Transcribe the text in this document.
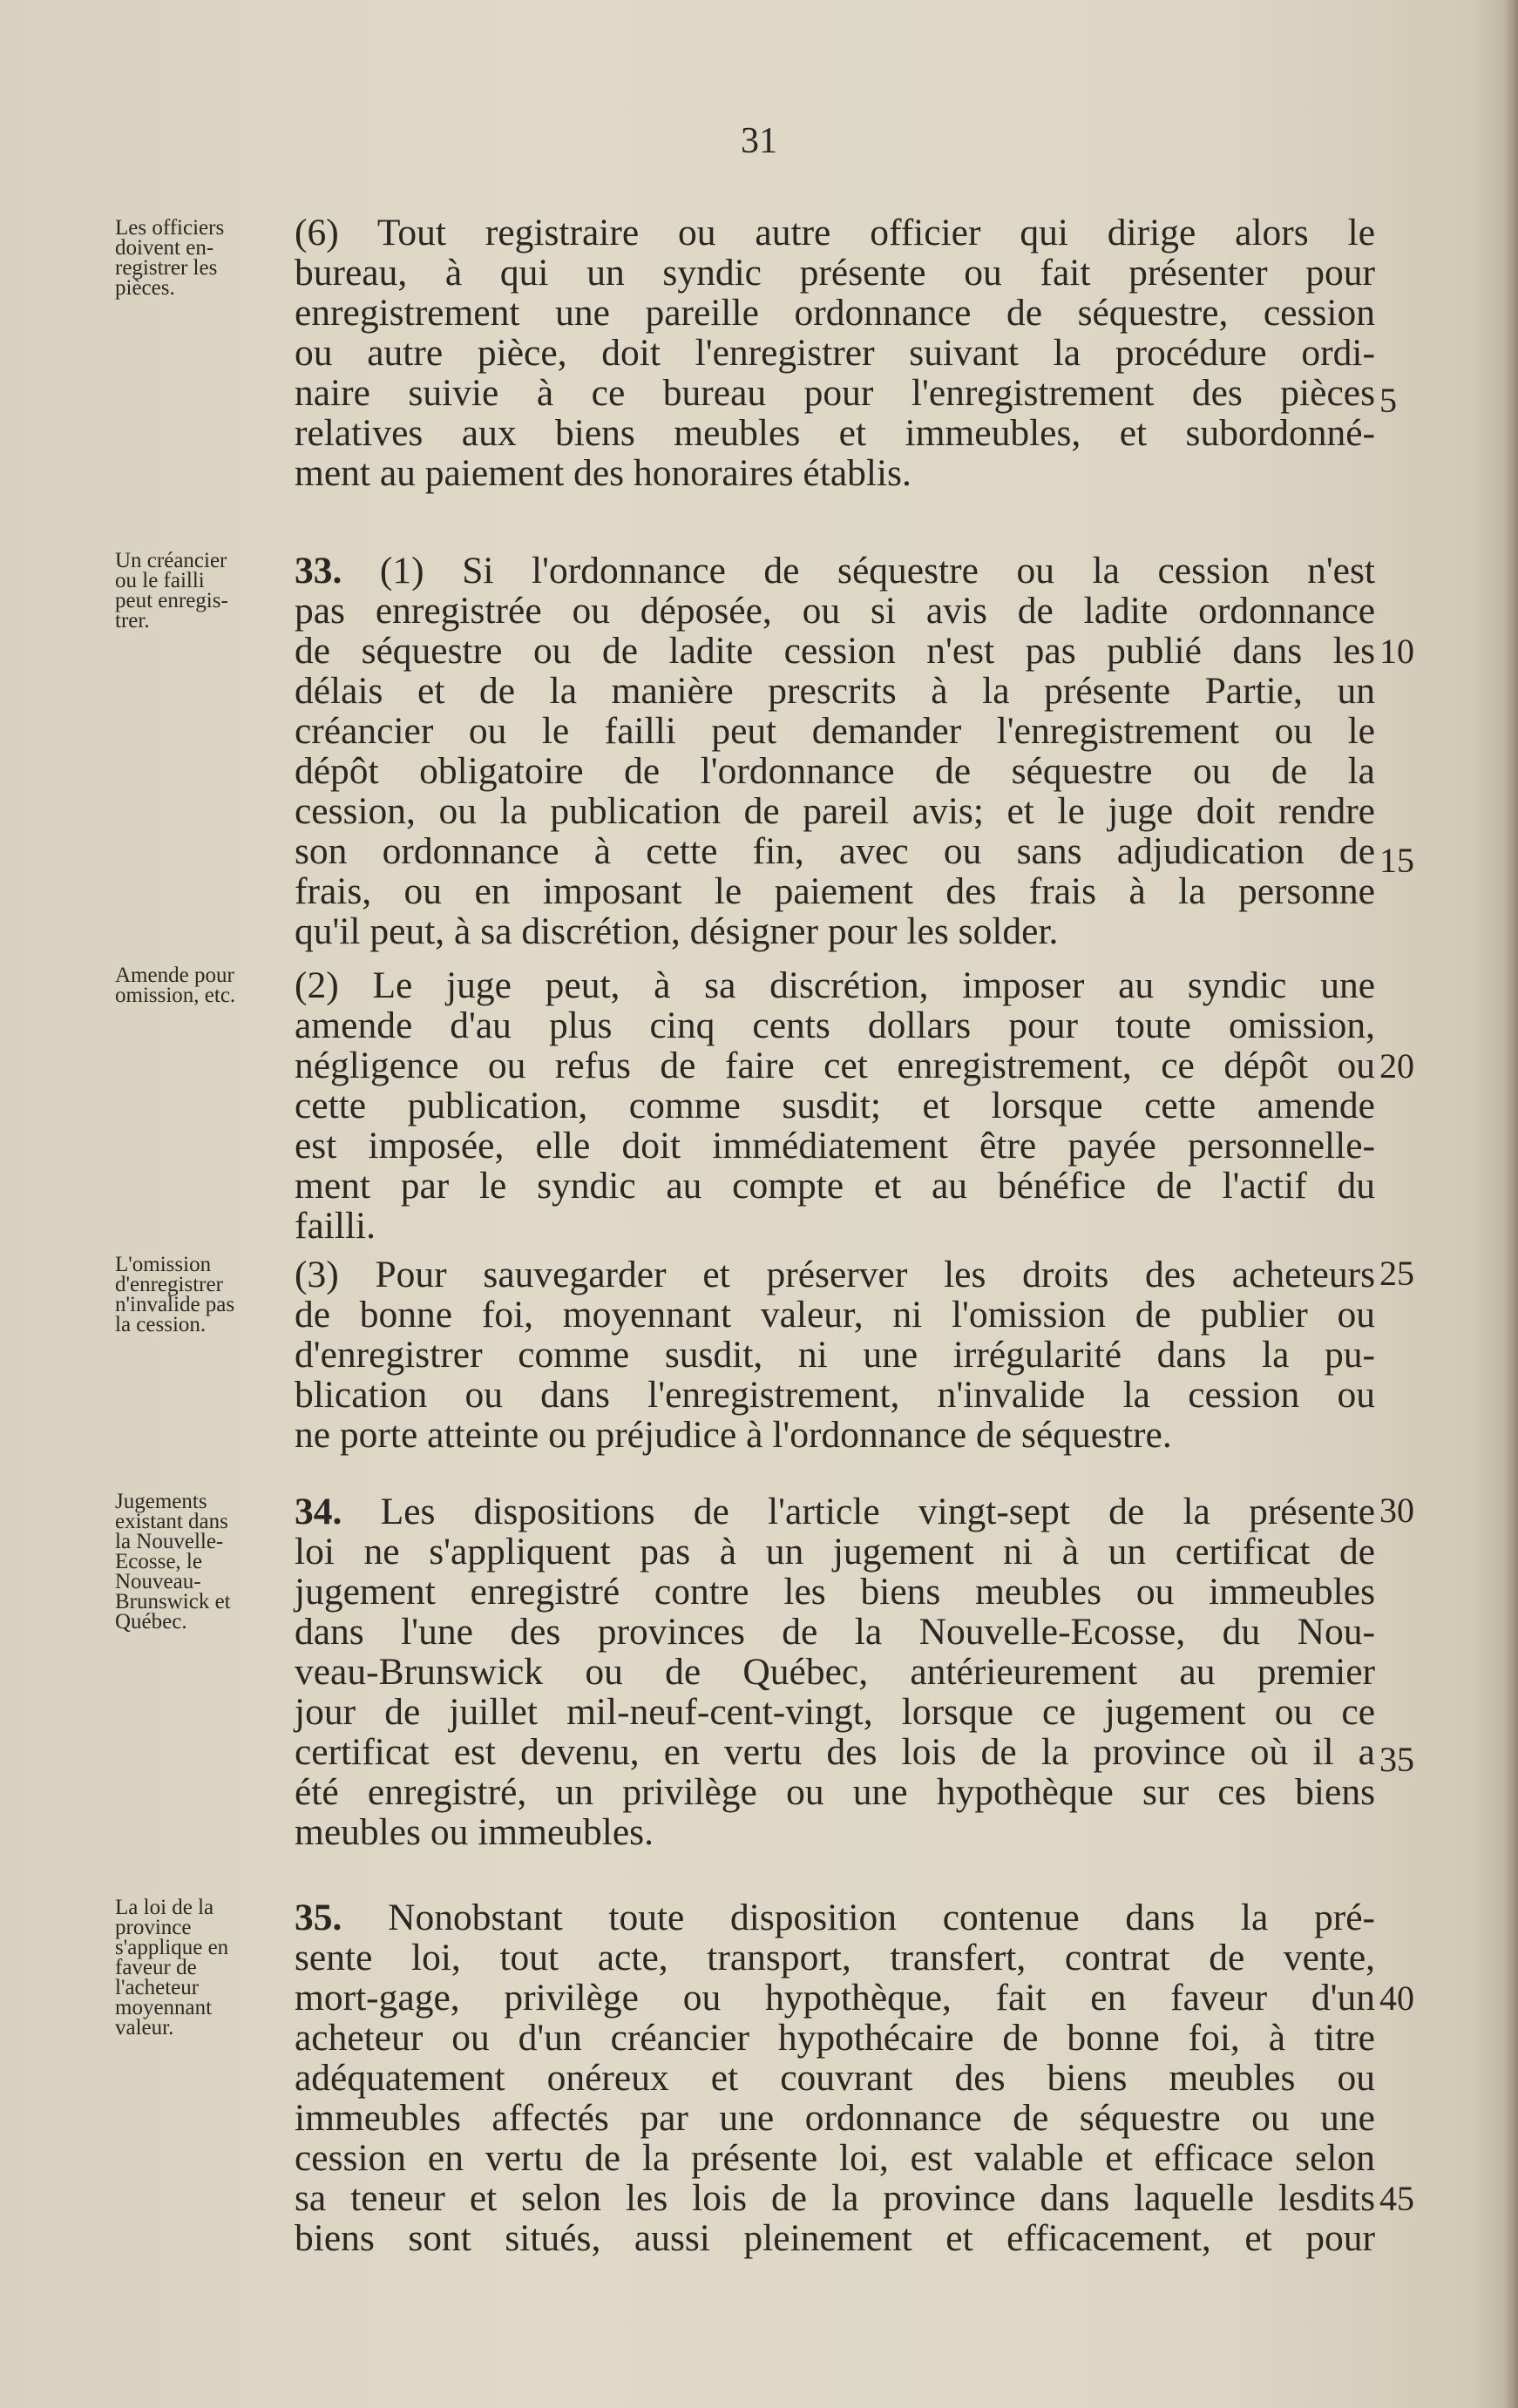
31
Les officiers
doivent en-
registrer les
pièces.
Un créancier
ou le failli
peut enregis-
trer.
Amende pour
omission, etc.
L'omission
d'enregistrer
n'invalide pas
la cession.
Jugements
existant dans
la Nouvelle-
Ecosse, le
Nouveau-
Brunswick et
Québec.
La loi de la
province
s'applique en
faveur de
l'acheteur
moyennant
valeur.
(6) Tout registraire ou autre officier qui dirige alors le
bureau, à qui un syndic présente ou fait présenter pour
enregistrement une pareille ordonnance de séquestre, cession
ou autre pièce, doit l'enregistrer suivant la procédure ordi-
naire suivie à ce bureau pour l'enregistrement des pièces
relatives aux biens meubles et immeubles, et subordonné-
ment au paiement des honoraires établis.
33. (1) Si l'ordonnance de séquestre ou la cession n'est
pas enregistrée ou déposée, ou si avis de ladite ordonnance
de séquestre ou de ladite cession n'est pas publié dans les
délais et de la manière prescrits à la présente Partie, un
créancier ou le failli peut demander l'enregistrement ou le
dépôt obligatoire de l'ordonnance de séquestre ou de la
cession, ou la publication de pareil avis; et le juge doit rendre
son ordonnance à cette fin, avec ou sans adjudication de
frais, ou en imposant le paiement des frais à la personne
qu'il peut, à sa discrétion, désigner pour les solder.
(2) Le juge peut, à sa discrétion, imposer au syndic une
amende d'au plus cinq cents dollars pour toute omission,
négligence ou refus de faire cet enregistrement, ce dépôt ou
cette publication, comme susdit; et lorsque cette amende
est imposée, elle doit immédiatement être payée personnelle-
ment par le syndic au compte et au bénéfice de l'actif du
failli.
(3) Pour sauvegarder et préserver les droits des acheteurs
de bonne foi, moyennant valeur, ni l'omission de publier ou
d'enregistrer comme susdit, ni une irrégularité dans la pu-
blication ou dans l'enregistrement, n'invalide la cession ou
ne porte atteinte ou préjudice à l'ordonnance de séquestre.
34. Les dispositions de l'article vingt-sept de la présente
loi ne s'appliquent pas à un jugement ni à un certificat de
jugement enregistré contre les biens meubles ou immeubles
dans l'une des provinces de la Nouvelle-Ecosse, du Nou-
veau-Brunswick ou de Québec, antérieurement au premier
jour de juillet mil-neuf-cent-vingt, lorsque ce jugement ou ce
certificat est devenu, en vertu des lois de la province où il a
été enregistré, un privilège ou une hypothèque sur ces biens
meubles ou immeubles.
35. Nonobstant toute disposition contenue dans la pré-
sente loi, tout acte, transport, transfert, contrat de vente,
mort-gage, privilège ou hypothèque, fait en faveur d'un
acheteur ou d'un créancier hypothécaire de bonne foi, à titre
adéquatement onéreux et couvrant des biens meubles ou
immeubles affectés par une ordonnance de séquestre ou une
cession en vertu de la présente loi, est valable et efficace selon
sa teneur et selon les lois de la province dans laquelle lesdits
biens sont situés, aussi pleinement et efficacement, et pour
5
10
15
20
25
30
35
40
45
